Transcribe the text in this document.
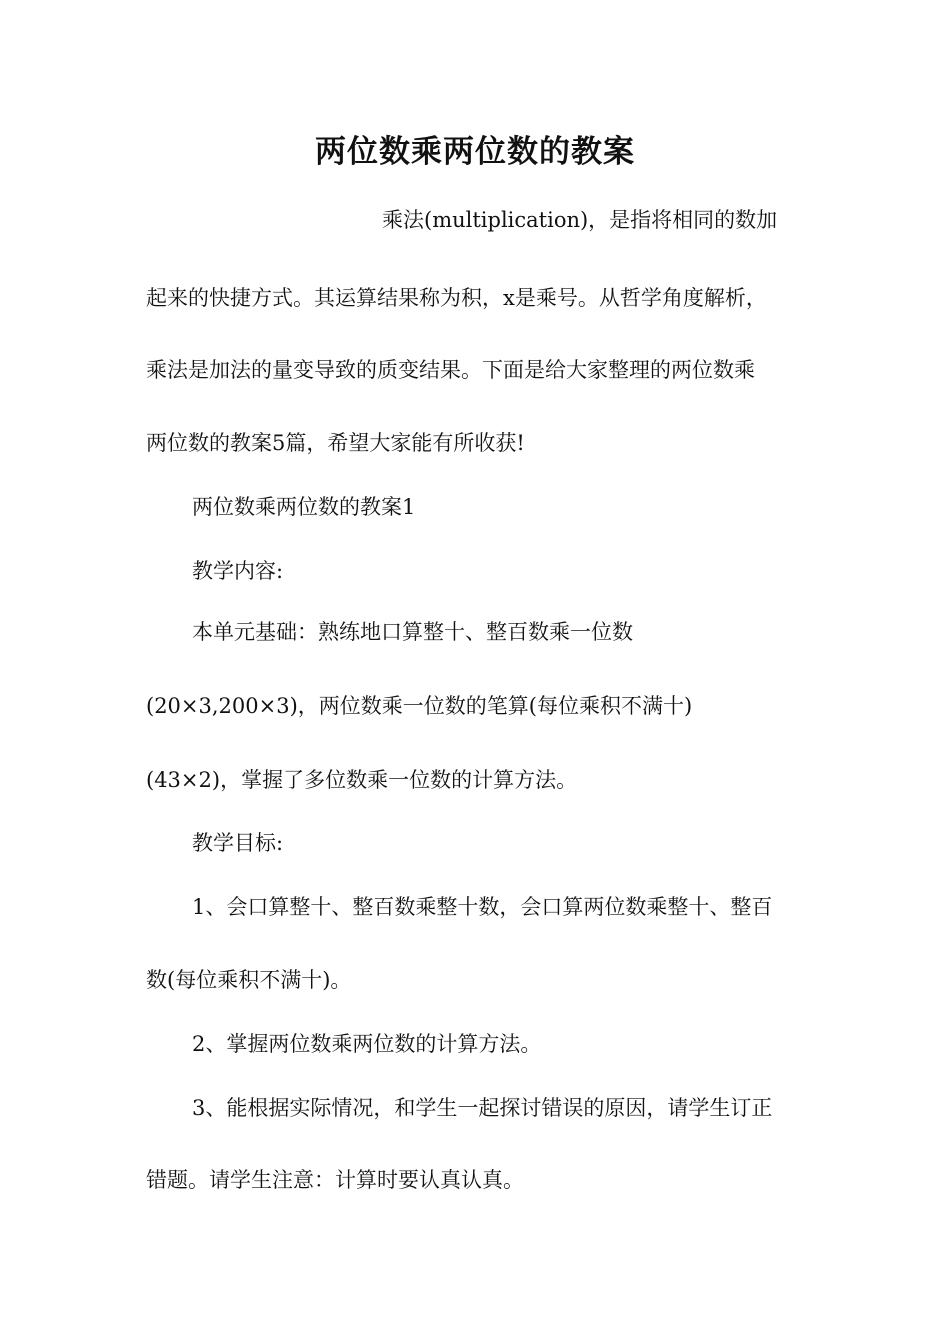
两位数乘两位数的教案
乘法(multiplication)，是指将相同的数加
起来的快捷方式。其运算结果称为积，x是乘号。从哲学角度解析，
乘法是加法的量变导致的质变结果。下面是给大家整理的两位数乘
两位数的教案5篇，希望大家能有所收获!
两位数乘两位数的教案1
教学内容:
本单元基础：熟练地口算整十、整百数乘一位数
(20×3,200×3)，两位数乘一位数的笔算(每位乘积不满十)
(43×2)，掌握了多位数乘一位数的计算方法。
教学目标:
1、会口算整十、整百数乘整十数，会口算两位数乘整十、整百
数(每位乘积不满十)。
2、掌握两位数乘两位数的计算方法。
3、能根据实际情况，和学生一起探讨错误的原因，请学生订正
错题。请学生注意：计算时要认真认真。
